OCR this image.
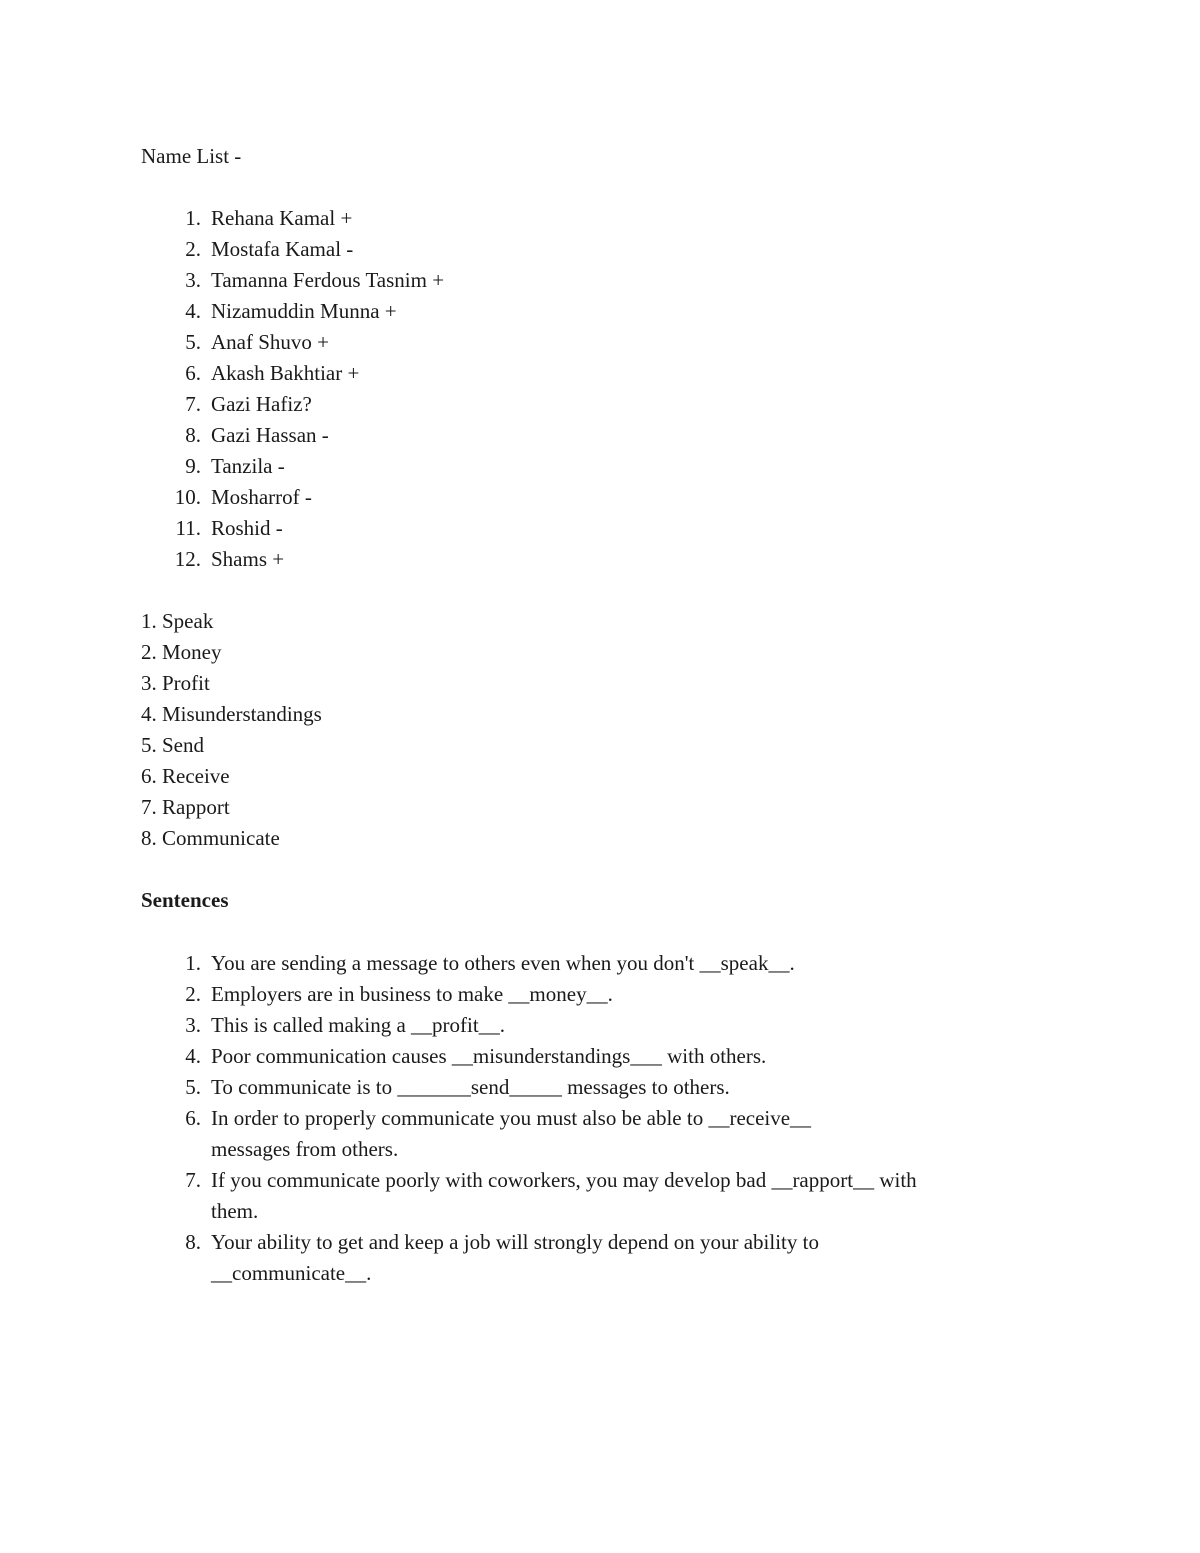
Name List -
1. Rehana Kamal +
2. Mostafa Kamal -
3. Tamanna Ferdous Tasnim +
4. Nizamuddin Munna +
5. Anaf Shuvo +
6. Akash Bakhtiar +
7. Gazi Hafiz?
8. Gazi Hassan -
9. Tanzila -
10. Mosharrof -
11. Roshid -
12. Shams +
1. Speak
2. Money
3. Profit
4. Misunderstandings
5. Send
6. Receive
7. Rapport
8. Communicate
Sentences
1. You are sending a message to others even when you don't __speak__.
2. Employers are in business to make __money__.
3. This is called making a __profit__.
4. Poor communication causes __misunderstandings___ with others.
5. To communicate is to _______send_____ messages to others.
6. In order to properly communicate you must also be able to __receive__
messages from others.
7. If you communicate poorly with coworkers, you may develop bad __rapport__ with
them.
8. Your ability to get and keep a job will strongly depend on your ability to
__communicate__.
